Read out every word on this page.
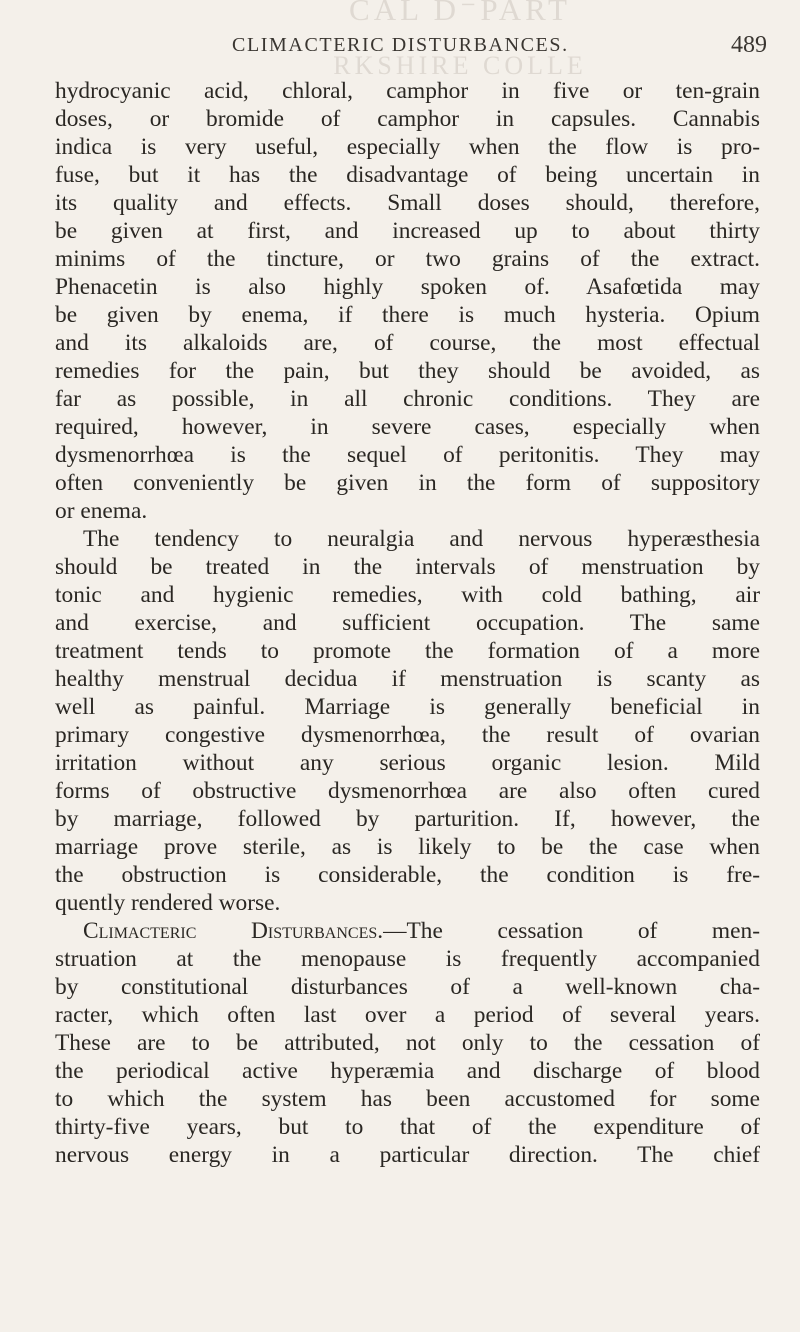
CAL D⁻PART
RKSHIRE COLLE
CLIMACTERIC DISTURBANCES.	489
hydrocyanic acid, chloral, camphor in five or ten-grain
doses, or bromide of camphor in capsules. Cannabis
indica is very useful, especially when the flow is pro-
fuse, but it has the disadvantage of being uncertain in
its quality and effects. Small doses should, therefore,
be given at first, and increased up to about thirty
minims of the tincture, or two grains of the extract.
Phenacetin is also highly spoken of. Asafœtida may
be given by enema, if there is much hysteria. Opium
and its alkaloids are, of course, the most effectual
remedies for the pain, but they should be avoided, as
far as possible, in all chronic conditions. They are
required, however, in severe cases, especially when
dysmenorrhœa is the sequel of peritonitis. They may
often conveniently be given in the form of suppository
or enema.
The tendency to neuralgia and nervous hyperæsthesia
should be treated in the intervals of menstruation by
tonic and hygienic remedies, with cold bathing, air
and exercise, and sufficient occupation. The same
treatment tends to promote the formation of a more
healthy menstrual decidua if menstruation is scanty as
well as painful. Marriage is generally beneficial in
primary congestive dysmenorrhœa, the result of ovarian
irritation without any serious organic lesion. Mild
forms of obstructive dysmenorrhœa are also often cured
by marriage, followed by parturition. If, however, the
marriage prove sterile, as is likely to be the case when
the obstruction is considerable, the condition is fre-
quently rendered worse.
Climacteric Disturbances.—The cessation of men-
struation at the menopause is frequently accompanied
by constitutional disturbances of a well-known cha-
racter, which often last over a period of several years.
These are to be attributed, not only to the cessation of
the periodical active hyperæmia and discharge of blood
to which the system has been accustomed for some
thirty-five years, but to that of the expenditure of
nervous energy in a particular direction. The chief
